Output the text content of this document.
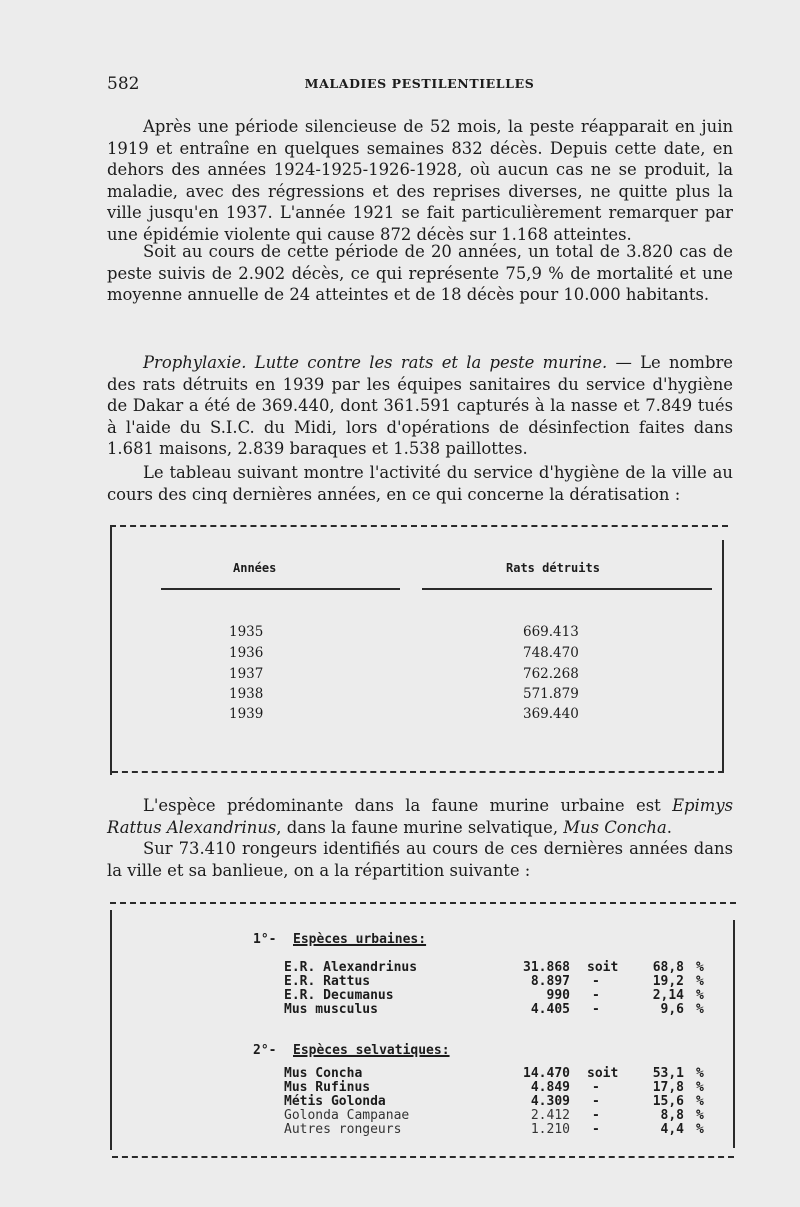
582	MALADIES PESTILENTIELLES

Après une période silencieuse de 52 mois, la peste réapparait en juin 1919 et entraîne en quelques semaines 832 décès. Depuis cette date, en dehors des années 1924-1925-1926-1928, où aucun cas ne se produit, la maladie, avec des régressions et des reprises diverses, ne quitte plus la ville jusqu'en 1937. L'année 1921 se fait particulièrement remarquer par une épidémie violente qui cause 872 décès sur 1.168 atteintes.

Soit au cours de cette période de 20 années, un total de 3.820 cas de peste suivis de 2.902 décès, ce qui représente 75,9 % de mortalité et une moyenne annuelle de 24 atteintes et de 18 décès pour 10.000 habitants.

Prophylaxie. Lutte contre les rats et la peste murine. — Le nombre des rats détruits en 1939 par les équipes sanitaires du service d'hygiène de Dakar a été de 369.440, dont 361.591 capturés à la nasse et 7.849 tués à l'aide du S.I.C. du Midi, lors d'opérations de désinfection faites dans 1.681 maisons, 2.839 baraques et 1.538 paillottes.

Le tableau suivant montre l'activité du service d'hygiène de la ville au cours des cinq dernières années, en ce qui concerne la dératisation :

Années	Rats détruits
1935	669.413
1936	748.470
1937	762.268
1938	571.879
1939	369.440

L'espèce prédominante dans la faune murine urbaine est Epimys Rattus Alexandrinus, dans la faune murine selvatique, Mus Concha.

Sur 73.410 rongeurs identifiés au cours de ces dernières années dans la ville et sa banlieue, on a la répartition suivante :

1°- Espèces urbaines:
E.R. Alexandrinus	31.868 soit	68,8 %
E.R. Rattus	8.897 -	19,2 %
E.R. Decumanus	990 -	2,14 %
Mus musculus	4.405 -	9,6 %
2°- Espèces selvatiques:
Mus Concha	14.470 soit	53,1 %
Mus Rufinus	4.849 -	17,8 %
Métis Golonda	4.309 -	15,6 %
Golonda Campanae	2.412 -	8,8 %
Autres rongeurs	1.210 -	4,4 %
